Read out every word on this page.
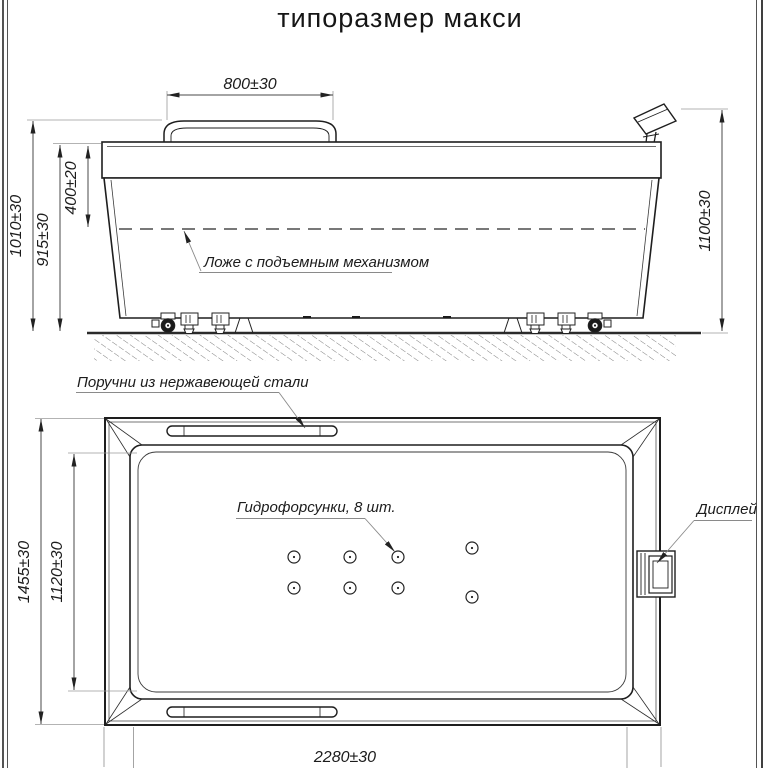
типоразмер макси
800±30
1010±30 915±30
400±20
1100±30
Ложе с подъемным механизмом
Поручни из нержавеющей стали
Гидрофорсунки, 8 шт.	Дисплей
1455±30 1120±30
2280±30
